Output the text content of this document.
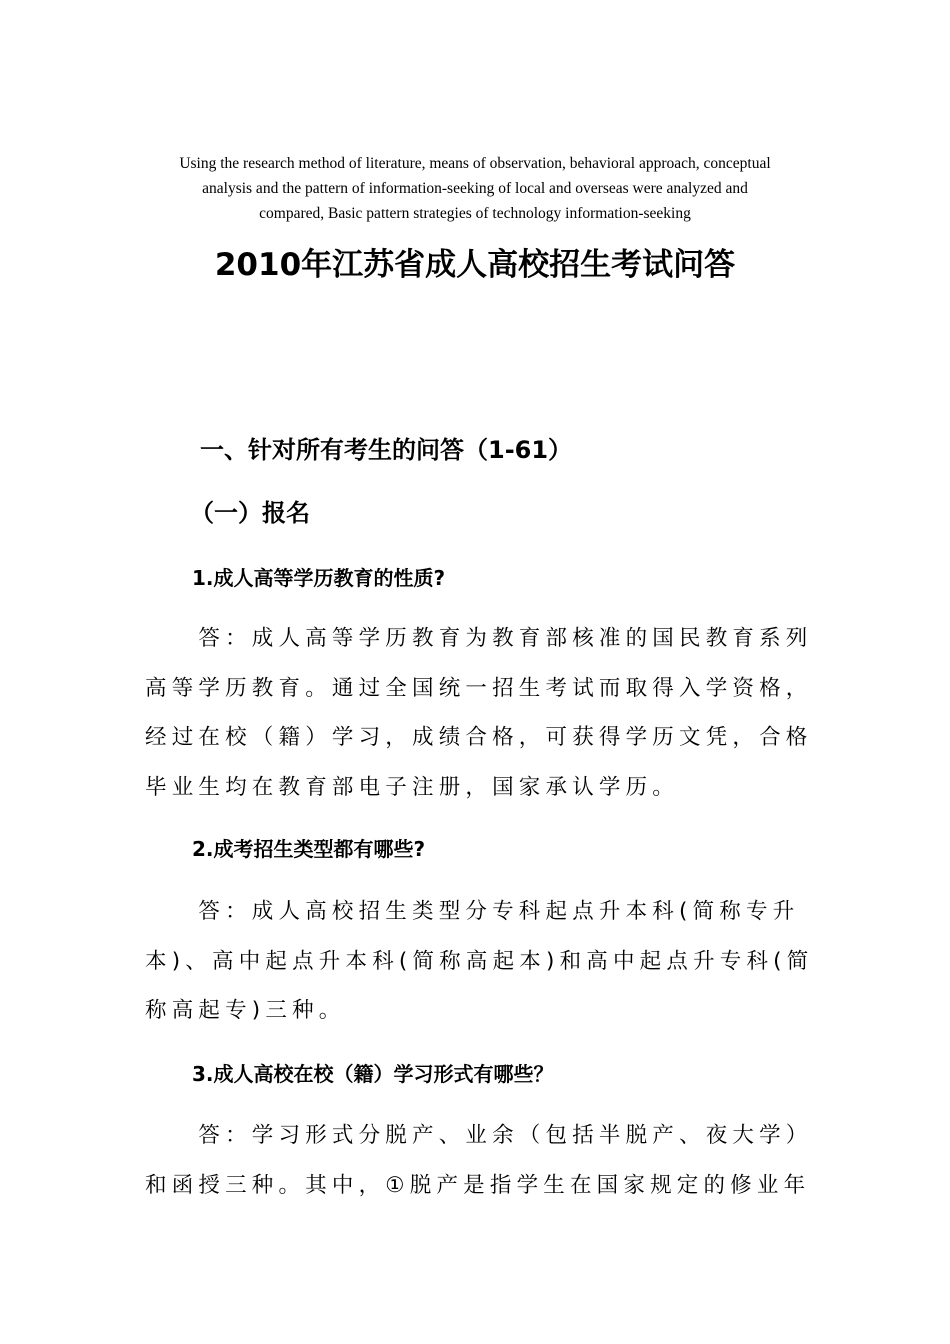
Using the research method of literature, means of observation, behavioral approach, conceptual
analysis and the pattern of information-seeking of local and overseas were analyzed and
compared, Basic pattern strategies of technology information-seeking
2010年江苏省成人高校招生考试问答
一、针对所有考生的问答（1-61）
（一）报名
1.成人高等学历教育的性质?
　　答：成人高等学历教育为教育部核准的国民教育系列
高等学历教育。通过全国统一招生考试而取得入学资格，
经过在校（籍）学习，成绩合格，可获得学历文凭，合格
毕业生均在教育部电子注册，国家承认学历。
2.成考招生类型都有哪些?
　　答：成人高校招生类型分专科起点升本科(简称专升
本)、高中起点升本科(简称高起本)和高中起点升专科(简
称高起专)三种。
3.成人高校在校（籍）学习形式有哪些？
　　答：学习形式分脱产、业余（包括半脱产、夜大学）
和函授三种。其中，①脱产是指学生在国家规定的修业年
